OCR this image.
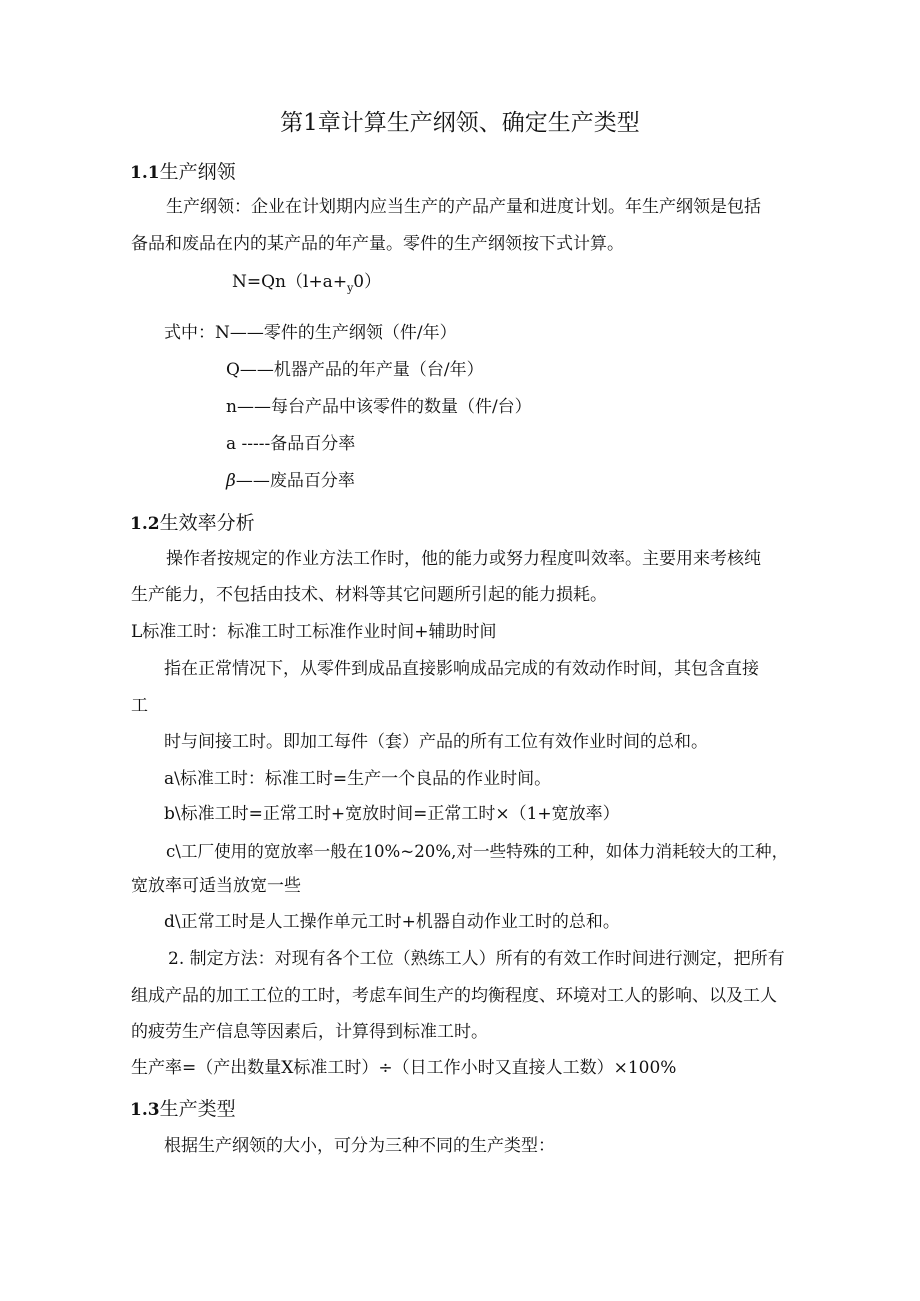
第1章计算生产纲领、确定生产类型
1.1生产纲领
生产纲领：企业在计划期内应当生产的产品产量和进度计划。年生产纲领是包括
备品和废品在内的某产品的年产量。零件的生产纲领按下式计算。
$N=Qn(l+a+_y0)$
式中：N——零件的生产纲领（件/年）
Q——机器产品的年产量（台/年）
n——每台产品中该零件的数量（件/台）
a -----备品百分率
β——废品百分率
1.2生效率分析
操作者按规定的作业方法工作时，他的能力或努力程度叫效率。主要用来考核纯
生产能力，不包括由技术、材料等其它问题所引起的能力损耗。
L标准工时：标准工时工标准作业时间+辅助时间
指在正常情况下，从零件到成品直接影响成品完成的有效动作时间，其包含直接
工
时与间接工时。即加工每件（套）产品的所有工位有效作业时间的总和。
a\标准工时：标准工时=生产一个良品的作业时间。
b\标准工时=正常工时+宽放时间=正常工时×（1+宽放率）
c\工厂使用的宽放率一般在10%~20%,对一些特殊的工种，如体力消耗较大的工种，
宽放率可适当放宽一些
d\正常工时是人工操作单元工时+机器自动作业工时的总和。
2. 制定方法：对现有各个工位（熟练工人）所有的有效工作时间进行测定，把所有
组成产品的加工工位的工时，考虑车间生产的均衡程度、环境对工人的影响、以及工人
的疲劳生产信息等因素后，计算得到标准工时。
生产率=（产出数量X标准工时）÷（日工作小时又直接人工数）×100%
1.3生产类型
根据生产纲领的大小，可分为三种不同的生产类型：
